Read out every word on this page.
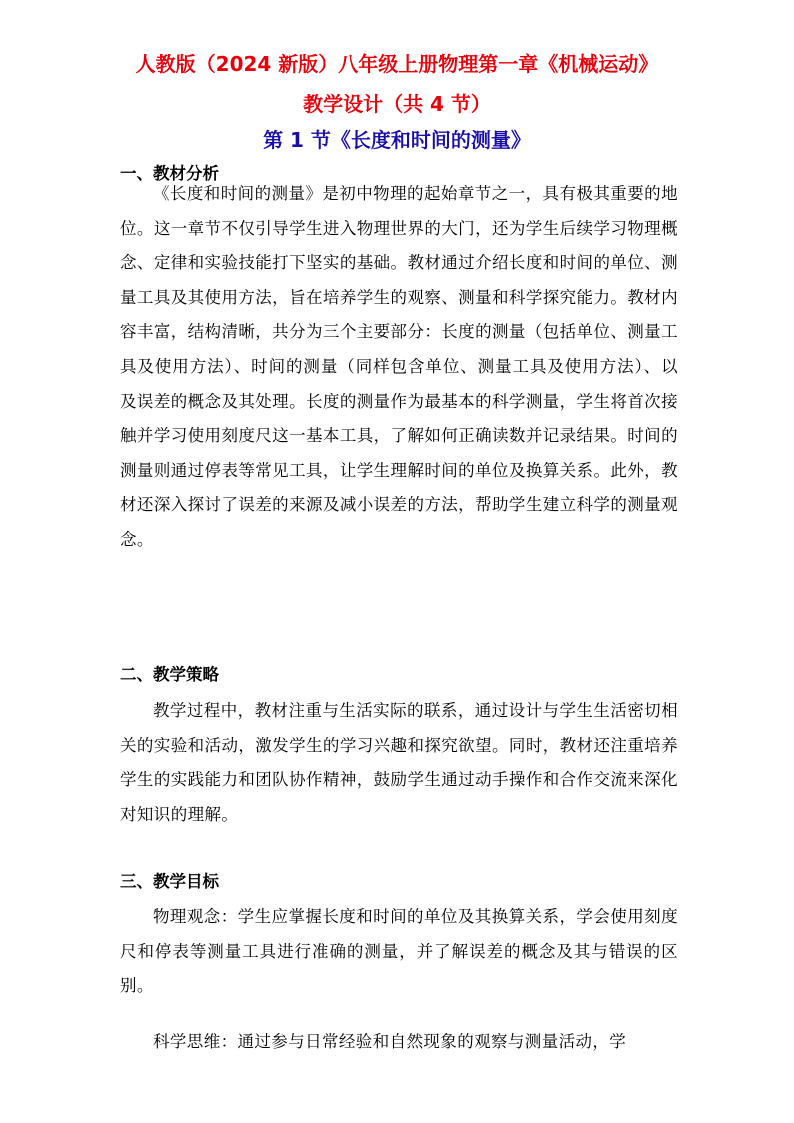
人教版（2024 新版）八年级上册物理第一章《机械运动》
教学设计（共 4 节）
第 1 节《长度和时间的测量》
一、教材分析

《长度和时间的测量》是初中物理的起始章节之一，具有极其重要的地位。这一章节不仅引导学生进入物理世界的大门，还为学生后续学习物理概念、定律和实验技能打下坚实的基础。教材通过介绍长度和时间的单位、测量工具及其使用方法，旨在培养学生的观察、测量和科学探究能力。教材内容丰富，结构清晰，共分为三个主要部分：长度的测量（包括单位、测量工具及使用方法）、时间的测量（同样包含单位、测量工具及使用方法）、以及误差的概念及其处理。长度的测量作为最基本的科学测量，学生将首次接触并学习使用刻度尺这一基本工具，了解如何正确读数并记录结果。时间的测量则通过停表等常见工具，让学生理解时间的单位及换算关系。此外，教材还深入探讨了误差的来源及减小误差的方法，帮助学生建立科学的测量观念。

二、教学策略

教学过程中，教材注重与生活实际的联系，通过设计与学生生活密切相关的实验和活动，激发学生的学习兴趣和探究欲望。同时，教材还注重培养学生的实践能力和团队协作精神，鼓励学生通过动手操作和合作交流来深化对知识的理解。

三、教学目标

物理观念：学生应掌握长度和时间的单位及其换算关系，学会使用刻度尺和停表等测量工具进行准确的测量，并了解误差的概念及其与错误的区别。

科学思维：通过参与日常经验和自然现象的观察与测量活动，学
